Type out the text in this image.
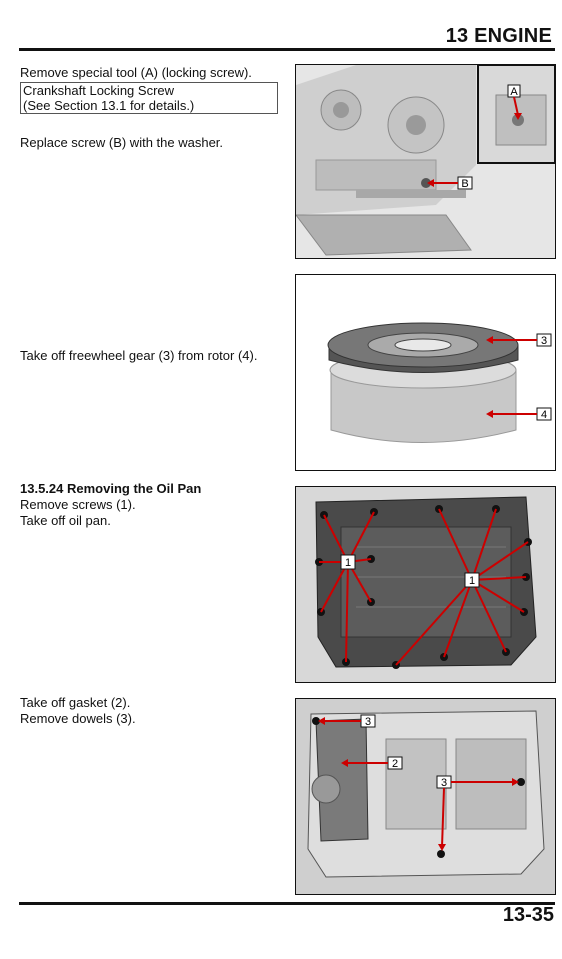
13 ENGINE
Remove special tool (A) (locking screw).
Crankshaft Locking Screw
(See Section 13.1 for details.)
Replace screw (B) with the washer.
A
B
Take off freewheel gear (3) from rotor (4).
3
4
13.5.24 Removing the Oil Pan
Remove screws (1).
Take off oil pan.
1
1
Take off gasket (2).
Remove dowels (3).	3
2
3
13-35
